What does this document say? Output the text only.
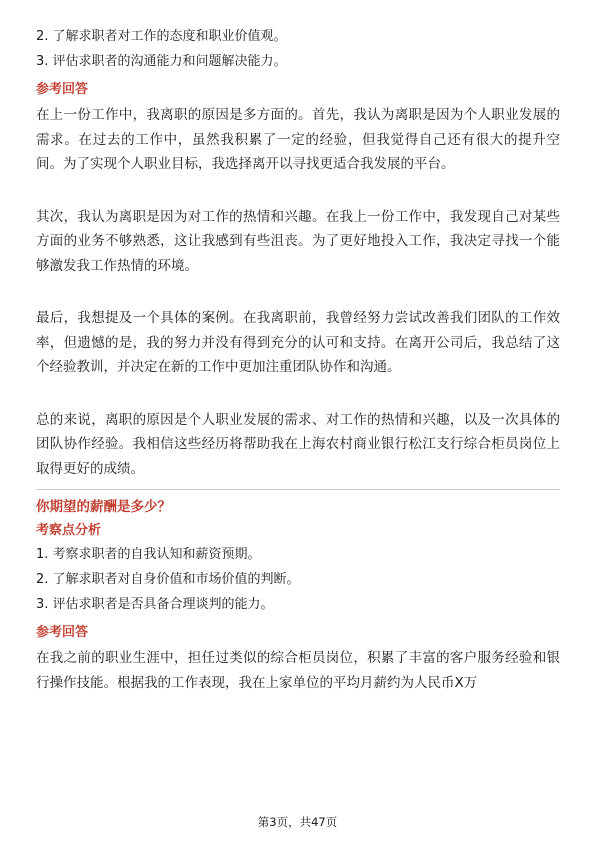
2. 了解求职者对工作的态度和职业价值观。
3. 评估求职者的沟通能力和问题解决能力。
参考回答

在上一份工作中，我离职的原因是多方面的。首先，我认为离职是因为个人职业发展的需求。在过去的工作中，虽然我积累了一定的经验，但我觉得自己还有很大的提升空间。为了实现个人职业目标，我选择离开以寻找更适合我发展的平台。

其次，我认为离职是因为对工作的热情和兴趣。在我上一份工作中，我发现自己对某些方面的业务不够熟悉，这让我感到有些沮丧。为了更好地投入工作，我决定寻找一个能够激发我工作热情的环境。

最后，我想提及一个具体的案例。在我离职前，我曾经努力尝试改善我们团队的工作效率，但遗憾的是，我的努力并没有得到充分的认可和支持。在离开公司后，我总结了这个经验教训，并决定在新的工作中更加注重团队协作和沟通。

总的来说，离职的原因是个人职业发展的需求、对工作的热情和兴趣，以及一次具体的团队协作经验。我相信这些经历将帮助我在上海农村商业银行松江支行综合柜员岗位上取得更好的成绩。

你期望的薪酬是多少？
考察点分析
1. 考察求职者的自我认知和薪资预期。
2. 了解求职者对自身价值和市场价值的判断。
3. 评估求职者是否具备合理谈判的能力。
参考回答

在我之前的职业生涯中，担任过类似的综合柜员岗位，积累了丰富的客户服务经验和银行操作技能。根据我的工作表现，我在上家单位的平均月薪约为人民币X万

第3页，共47页
